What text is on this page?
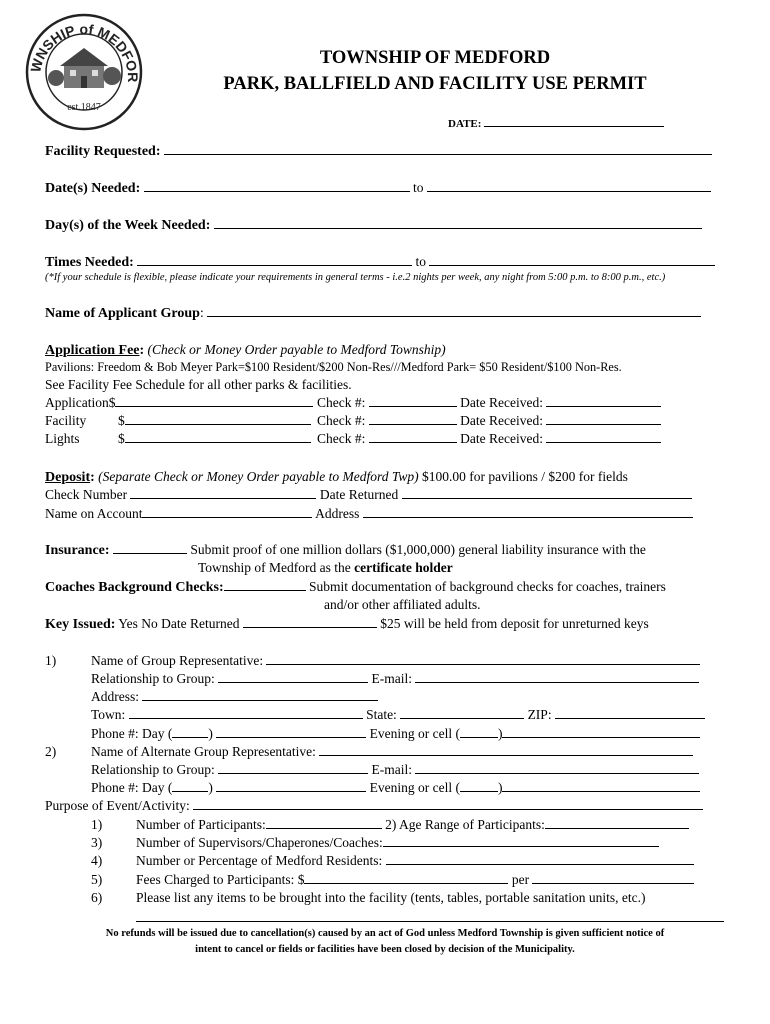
WNSHIP of MEDFOR
est.1847
TOWNSHIP OF MEDFORD
PARK, BALLFIELD AND FACILITY USE PERMIT
DATE:
Facility Requested:
Date(s) Needed:	to
Day(s) of the Week Needed:
Times Needed:	to
(*If your schedule is flexible, please indicate your requirements in general terms - i.e.2 nights per week, any night from 5:00 p.m. to 8:00 p.m., etc.)
Name of Applicant Group:
Application Fee: (Check or Money Order payable to Medford Township)
Pavilions: Freedom & Bob Meyer Park=$100 Resident/$200 Non-Res///Medford Park= $50 Resident/$100 Non-Res.
See Facility Fee Schedule for all other parks & facilities.
Application$	Check #:	Date Received:
Facility $	Check #:	Date Received:
Lights	$	Check #:	Date Received:
Deposit: (Separate Check or Money Order payable to Medford Twp) $100.00 for pavilions / $200 for fields
Check Number	Date Returned
Name on Account	Address
Insurance:	Submit proof of one million dollars ($1,000,000) general liability insurance with the
Township of Medford as the certificate holder
Coaches Background Checks:	Submit documentation of background checks for coaches, trainers
and/or other affiliated adults.
Key Issued: Yes No Date Returned	$25 will be held from deposit for unreturned keys
1)	Name of Group Representative:
Relationship to Group:	E-mail:
Address:
Town:	State:	ZIP:
Phone #: Day (	)	Evening or cell (	)
2)	Name of Alternate Group Representative:
Relationship to Group:	E-mail:
Phone #: Day (	)	Evening or cell (	)
Purpose of Event/Activity:
1)	Number of Participants:	2) Age Range of Participants:
3)	Number of Supervisors/Chaperones/Coaches:
4)	Number or Percentage of Medford Residents:
5)	Fees Charged to Participants: $	per
6)	Please list any items to be brought into the facility (tents, tables, portable sanitation units, etc.)
No refunds will be issued due to cancellation(s) caused by an act of God unless Medford Township is given sufficient notice of
intent to cancel or fields or facilities have been closed by decision of the Municipality.
